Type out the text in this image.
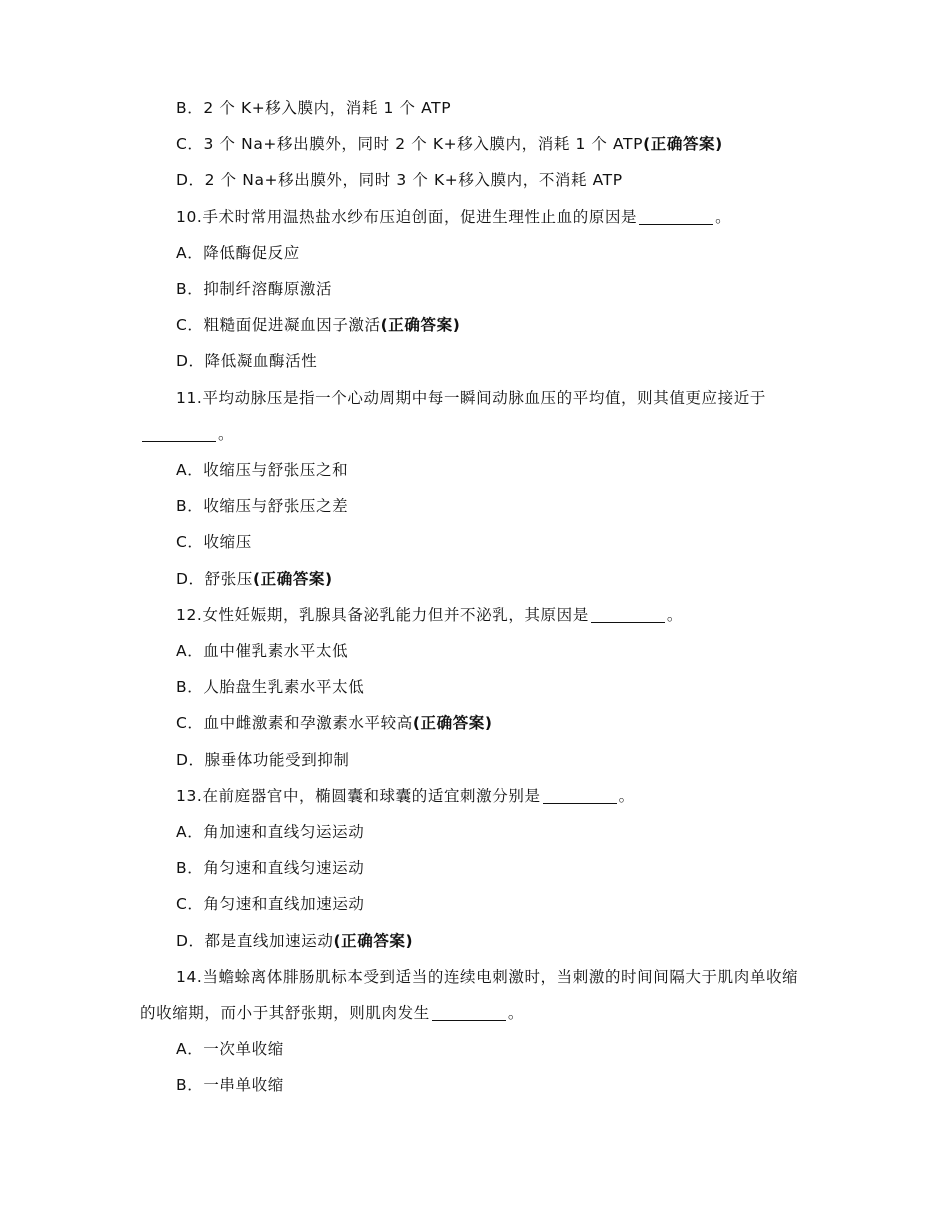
B．2 个 K+移入膜内，消耗 1 个 ATP
C．3 个 Na+移出膜外，同时 2 个 K+移入膜内，消耗 1 个 ATP(正确答案)
D．2 个 Na+移出膜外，同时 3 个 K+移入膜内，不消耗 ATP
10.手术时常用温热盐水纱布压迫创面，促进生理性止血的原因是	。
A．降低酶促反应
B．抑制纤溶酶原激活
C．粗糙面促进凝血因子激活(正确答案)
D．降低凝血酶活性
11.平均动脉压是指一个心动周期中每一瞬间动脉血压的平均值，则其值更应接近于。
A．收缩压与舒张压之和
B．收缩压与舒张压之差
C．收缩压
D．舒张压(正确答案)
12.女性妊娠期，乳腺具备泌乳能力但并不泌乳，其原因是	。
A．血中催乳素水平太低
B．人胎盘生乳素水平太低
C．血中雌激素和孕激素水平较高(正确答案)
D．腺垂体功能受到抑制
13.在前庭器官中，椭圆囊和球囊的适宜刺激分别是	。
A．角加速和直线匀运运动
B．角匀速和直线匀速运动
C．角匀速和直线加速运动
D．都是直线加速运动(正确答案)
14.当蟾蜍离体腓肠肌标本受到适当的连续电刺激时，当刺激的时间间隔大于肌肉单收缩的收缩期，而小于其舒张期，则肌肉发生	。
A．一次单收缩
B．一串单收缩
